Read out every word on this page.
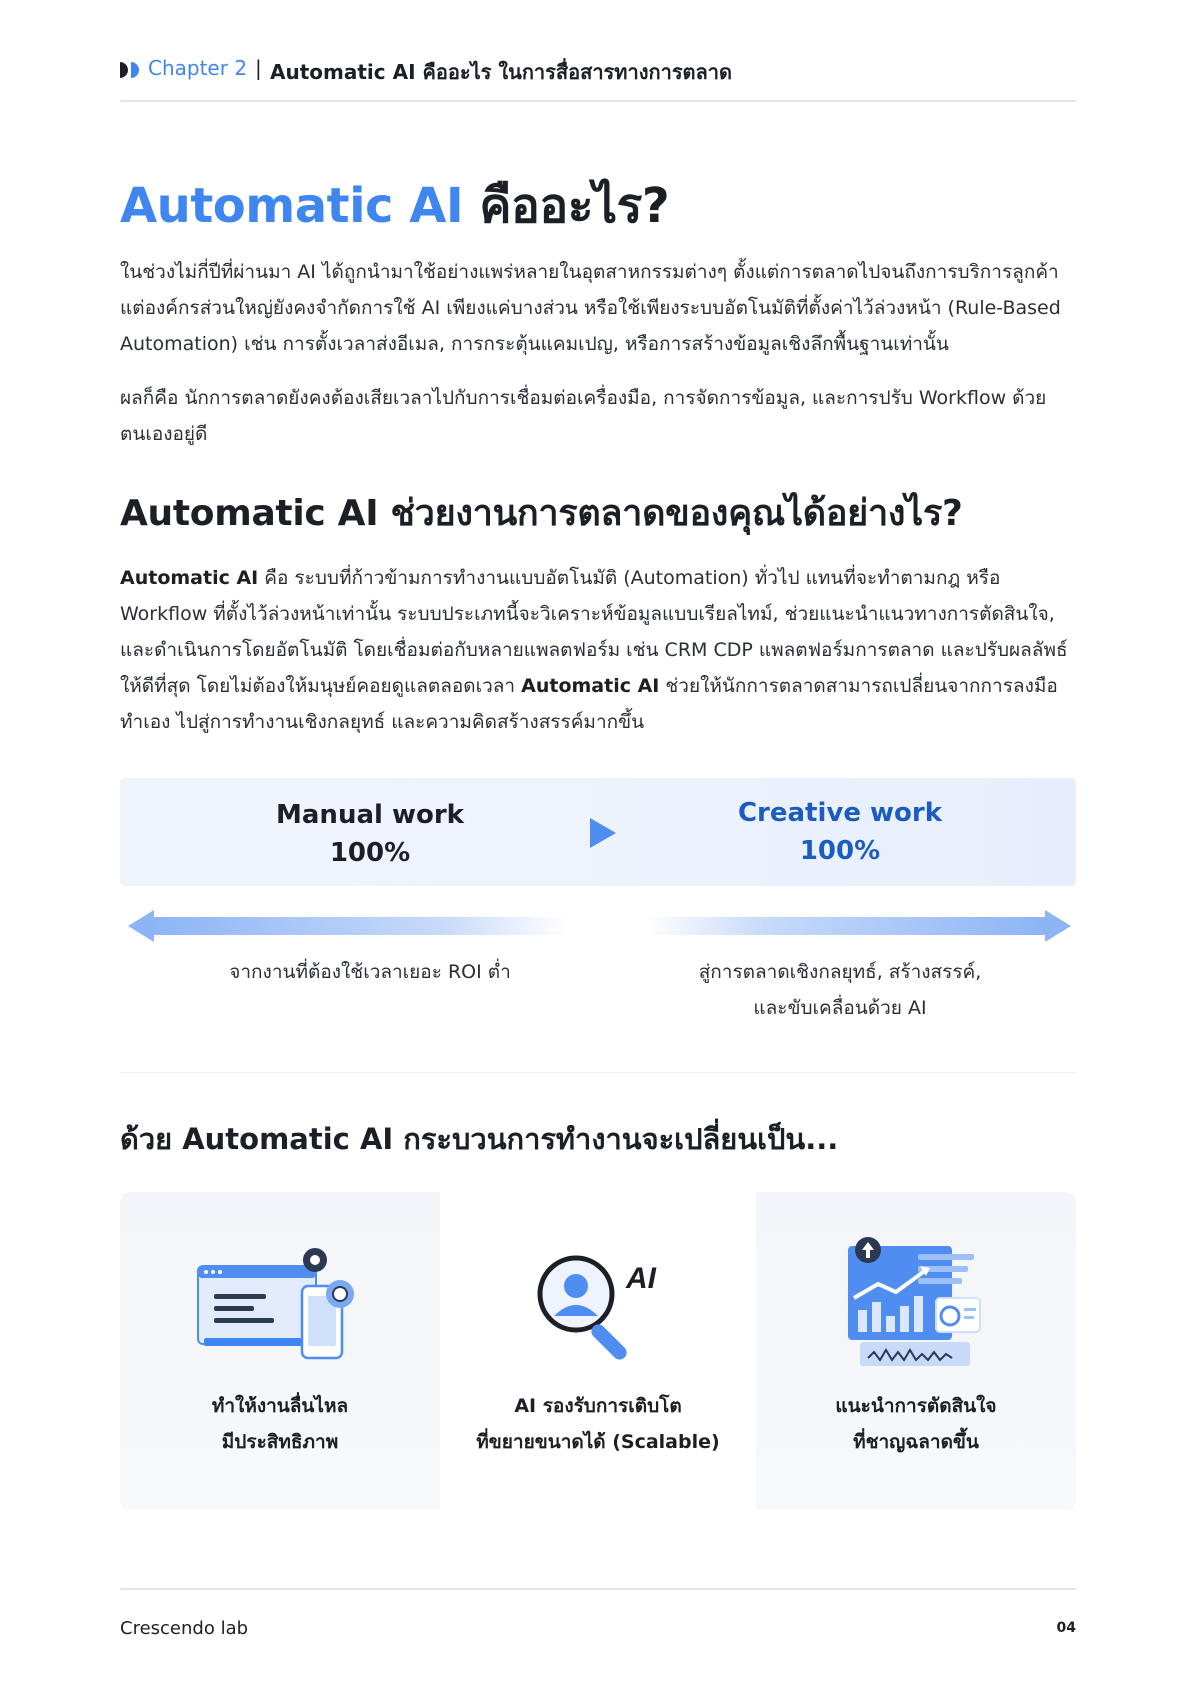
Chapter 2 | Automatic AI คืออะไร ในการสื่อสารทางการตลาด
Automatic AI คืออะไร?
ในช่วงไม่กี่ปีที่ผ่านมา AI ได้ถูกนำมาใช้อย่างแพร่หลายในอุตสาหกรรมต่างๆ ตั้งแต่การตลาดไปจนถึงการบริการลูกค้า แต่องค์กรส่วนใหญ่ยังคงจำกัดการใช้ AI เพียงแค่บางส่วน หรือใช้เพียงระบบอัตโนมัติที่ตั้งค่าไว้ล่วงหน้า (Rule-Based Automation) เช่น การตั้งเวลาส่งอีเมล, การกระตุ้นแคมเปญ, หรือการสร้างข้อมูลเชิงลึกพื้นฐานเท่านั้น
ผลก็คือ นักการตลาดยังคงต้องเสียเวลาไปกับการเชื่อมต่อเครื่องมือ, การจัดการข้อมูล, และการปรับ Workflow ด้วยตนเองอยู่ดี
Automatic AI ช่วยงานการตลาดของคุณได้อย่างไร?
Automatic AI คือ ระบบที่ก้าวข้ามการทำงานแบบอัตโนมัติ (Automation) ทั่วไป แทนที่จะทำตามกฎ หรือ Workflow ที่ตั้งไว้ล่วงหน้าเท่านั้น ระบบประเภทนี้จะวิเคราะห์ข้อมูลแบบเรียลไทม์, ช่วยแนะนำแนวทางการตัดสินใจ, และดำเนินการโดยอัตโนมัติ โดยเชื่อมต่อกับหลายแพลตฟอร์ม เช่น CRM CDP แพลตฟอร์มการตลาด และปรับผลลัพธ์ ให้ดีที่สุด โดยไม่ต้องให้มนุษย์คอยดูแลตลอดเวลา Automatic AI ช่วยให้นักการตลาดสามารถเปลี่ยนจากการลงมือทำเอง ไปสู่การทำงานเชิงกลยุทธ์ และความคิดสร้างสรรค์มากขึ้น
Manual work
100%
Creative work
100%
จากงานที่ต้องใช้เวลาเยอะ ROI ต่ำ	สู่การตลาดเชิงกลยุทธ์, สร้างสรรค์,
และขับเคลื่อนด้วย AI
ด้วย Automatic AI กระบวนการทำงานจะเปลี่ยนเป็น...
ทำให้งานลื่นไหล
มีประสิทธิภาพ
AI
AI รองรับการเติบโต
ที่ขยายขนาดได้ (Scalable)
แนะนำการตัดสินใจ
ที่ชาญฉลาดขึ้น
Crescendo lab	04
